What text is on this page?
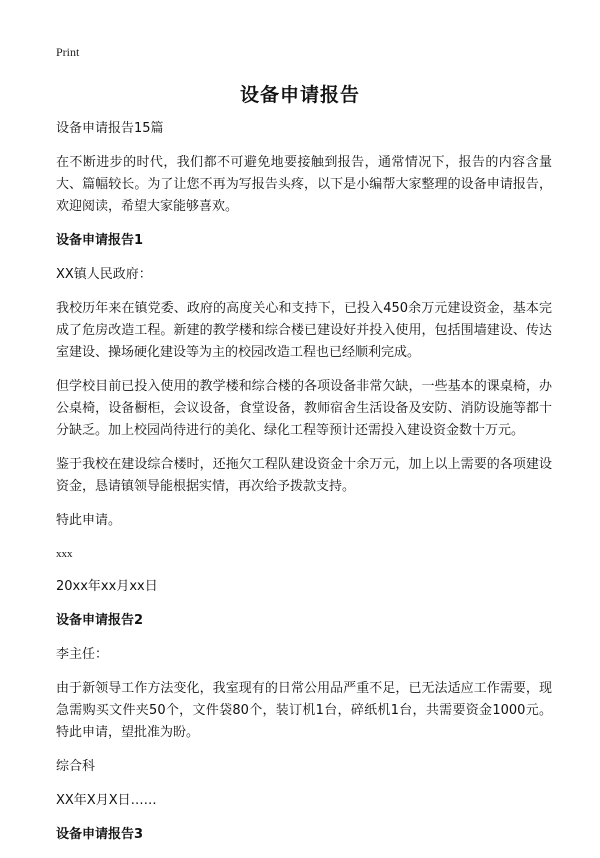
Print
设备申请报告

设备申请报告15篇

在不断进步的时代，我们都不可避免地要接触到报告，通常情况下，报告的内容含量大、篇幅较长。为了让您不再为写报告头疼，以下是小编帮大家整理的设备申请报告，欢迎阅读，希望大家能够喜欢。

设备申请报告1

XX镇人民政府：

我校历年来在镇党委、政府的高度关心和支持下，已投入450余万元建设资金，基本完成了危房改造工程。新建的教学楼和综合楼已建设好并投入使用，包括围墙建设、传达室建设、操场硬化建设等为主的校园改造工程也已经顺利完成。

但学校目前已投入使用的教学楼和综合楼的各项设备非常欠缺，一些基本的课桌椅，办公桌椅，设备橱柜，会议设备，食堂设备，教师宿舍生活设备及安防、消防设施等都十分缺乏。加上校园尚待进行的美化、绿化工程等预计还需投入建设资金数十万元。

鉴于我校在建设综合楼时，还拖欠工程队建设资金十余万元，加上以上需要的各项建设资金，恳请镇领导能根据实情，再次给予拨款支持。

特此申请。

xxx

20xx年xx月xx日

设备申请报告2

李主任：

由于新领导工作方法变化，我室现有的日常公用品严重不足，已无法适应工作需要，现急需购买文件夹50个，文件袋80个，装订机1台，碎纸机1台，共需要资金1000元。 特此申请，望批准为盼。

综合科

XX年X月X日……

设备申请报告3
